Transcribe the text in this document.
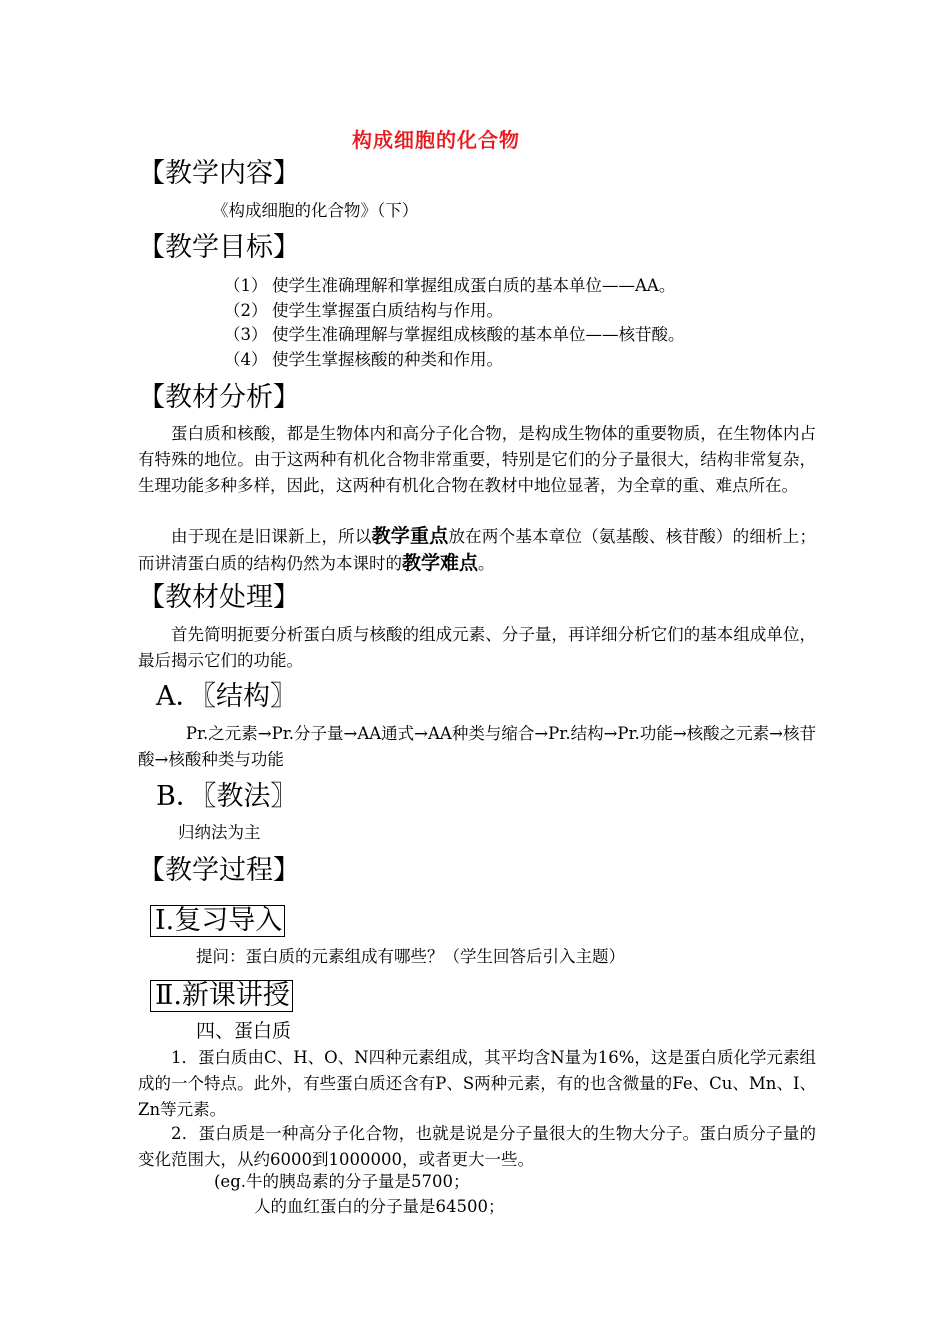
构成细胞的化合物
【教学内容】
《构成细胞的化合物》（下）
【教学目标】
（1） 使学生准确理解和掌握组成蛋白质的基本单位——AA。
（2） 使学生掌握蛋白质结构与作用。
（3） 使学生准确理解与掌握组成核酸的基本单位——核苷酸。
（4） 使学生掌握核酸的种类和作用。
【教材分析】
蛋白质和核酸，都是生物体内和高分子化合物，是构成生物体的重要物质，在生物体内占有特殊的地位。由于这两种有机化合物非常重要，特别是它们的分子量很大，结构非常复杂，生理功能多种多样，因此，这两种有机化合物在教材中地位显著，为全章的重、难点所在。
由于现在是旧课新上，所以教学重点放在两个基本章位（氨基酸、核苷酸）的细析上；而讲清蛋白质的结构仍然为本课时的教学难点。
【教材处理】
首先简明扼要分析蛋白质与核酸的组成元素、分子量，再详细分析它们的基本组成单位，最后揭示它们的功能。
A．〖结构〗
Pr.之元素→Pr.分子量→AA通式→AA种类与缩合→Pr.结构→Pr.功能→核酸之元素→核苷酸→核酸种类与功能
B．〖教法〗
归纳法为主
【教学过程】
Ⅰ.复习导入
提问：蛋白质的元素组成有哪些？（学生回答后引入主题）
Ⅱ.新课讲授
四、蛋白质
1．蛋白质由C、H、O、N四种元素组成，其平均含N量为16%，这是蛋白质化学元素组成的一个特点。此外，有些蛋白质还含有P、S两种元素，有的也含微量的Fe、Cu、Mn、I、Zn等元素。
2．蛋白质是一种高分子化合物，也就是说是分子量很大的生物大分子。蛋白质分子量的变化范围大，从约6000到1000000，或者更大一些。
(eg.牛的胰岛素的分子量是5700；
人的血红蛋白的分子量是64500；
